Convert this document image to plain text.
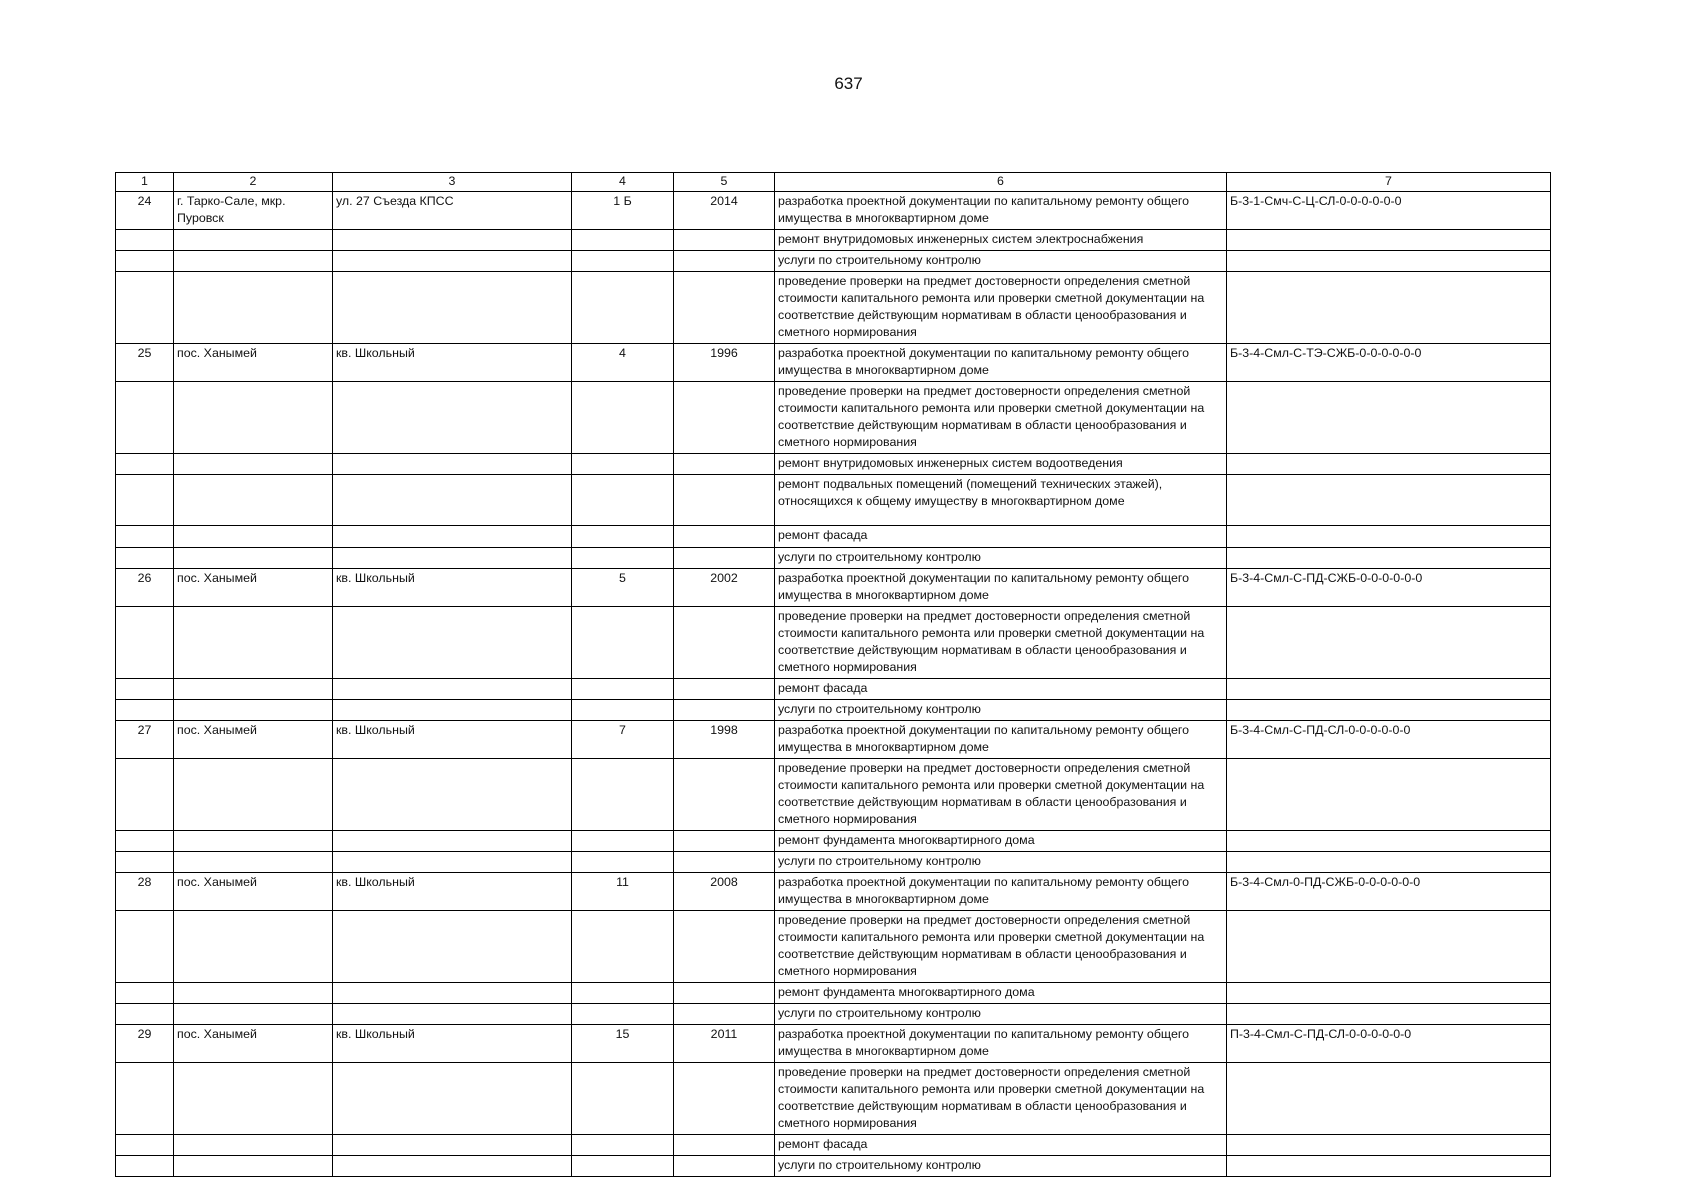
637
1	2	3	4	5	6	7
24	г. Тарко-Сале, мкр. Пуровск	ул. 27 Съезда КПСС	1 Б	2014	разработка проектной документации по капитальному ремонту общего имущества в многоквартирном доме	Б-3-1-Смч-С-Ц-СЛ-0-0-0-0-0-0
					ремонт внутридомовых инженерных систем электроснабжения	
					услуги по строительному контролю	
					проведение проверки на предмет достоверности определения сметной стоимости капитального ремонта или проверки сметной документации на соответствие действующим нормативам в области ценообразования и сметного нормирования	
25	пос. Ханымей	кв. Школьный	4	1996	разработка проектной документации по капитальному ремонту общего имущества в многоквартирном доме	Б-3-4-Смл-С-ТЭ-СЖБ-0-0-0-0-0-0
					проведение проверки на предмет достоверности определения сметной стоимости капитального ремонта или проверки сметной документации на соответствие действующим нормативам в области ценообразования и сметного нормирования	
					ремонт внутридомовых инженерных систем водоотведения	
					ремонт подвальных помещений (помещений технических этажей), относящихся к общему имуществу в многоквартирном доме	
					ремонт фасада	
					услуги по строительному контролю	
26	пос. Ханымей	кв. Школьный	5	2002	разработка проектной документации по капитальному ремонту общего имущества в многоквартирном доме	Б-3-4-Смл-С-ПД-СЖБ-0-0-0-0-0-0
					проведение проверки на предмет достоверности определения сметной стоимости капитального ремонта или проверки сметной документации на соответствие действующим нормативам в области ценообразования и сметного нормирования	
					ремонт фасада	
					услуги по строительному контролю	
27	пос. Ханымей	кв. Школьный	7	1998	разработка проектной документации по капитальному ремонту общего имущества в многоквартирном доме	Б-3-4-Смл-С-ПД-СЛ-0-0-0-0-0-0
					проведение проверки на предмет достоверности определения сметной стоимости капитального ремонта или проверки сметной документации на соответствие действующим нормативам в области ценообразования и сметного нормирования	
					ремонт фундамента многоквартирного дома	
					услуги по строительному контролю	
28	пос. Ханымей	кв. Школьный	11	2008	разработка проектной документации по капитальному ремонту общего имущества в многоквартирном доме	Б-3-4-Смл-0-ПД-СЖБ-0-0-0-0-0-0
					проведение проверки на предмет достоверности определения сметной стоимости капитального ремонта или проверки сметной документации на соответствие действующим нормативам в области ценообразования и сметного нормирования	
					ремонт фундамента многоквартирного дома	
					услуги по строительному контролю	
29	пос. Ханымей	кв. Школьный	15	2011	разработка проектной документации по капитальному ремонту общего имущества в многоквартирном доме	П-3-4-Смл-С-ПД-СЛ-0-0-0-0-0-0
					проведение проверки на предмет достоверности определения сметной стоимости капитального ремонта или проверки сметной документации на соответствие действующим нормативам в области ценообразования и сметного нормирования	
					ремонт фасада	
					услуги по строительному контролю	
